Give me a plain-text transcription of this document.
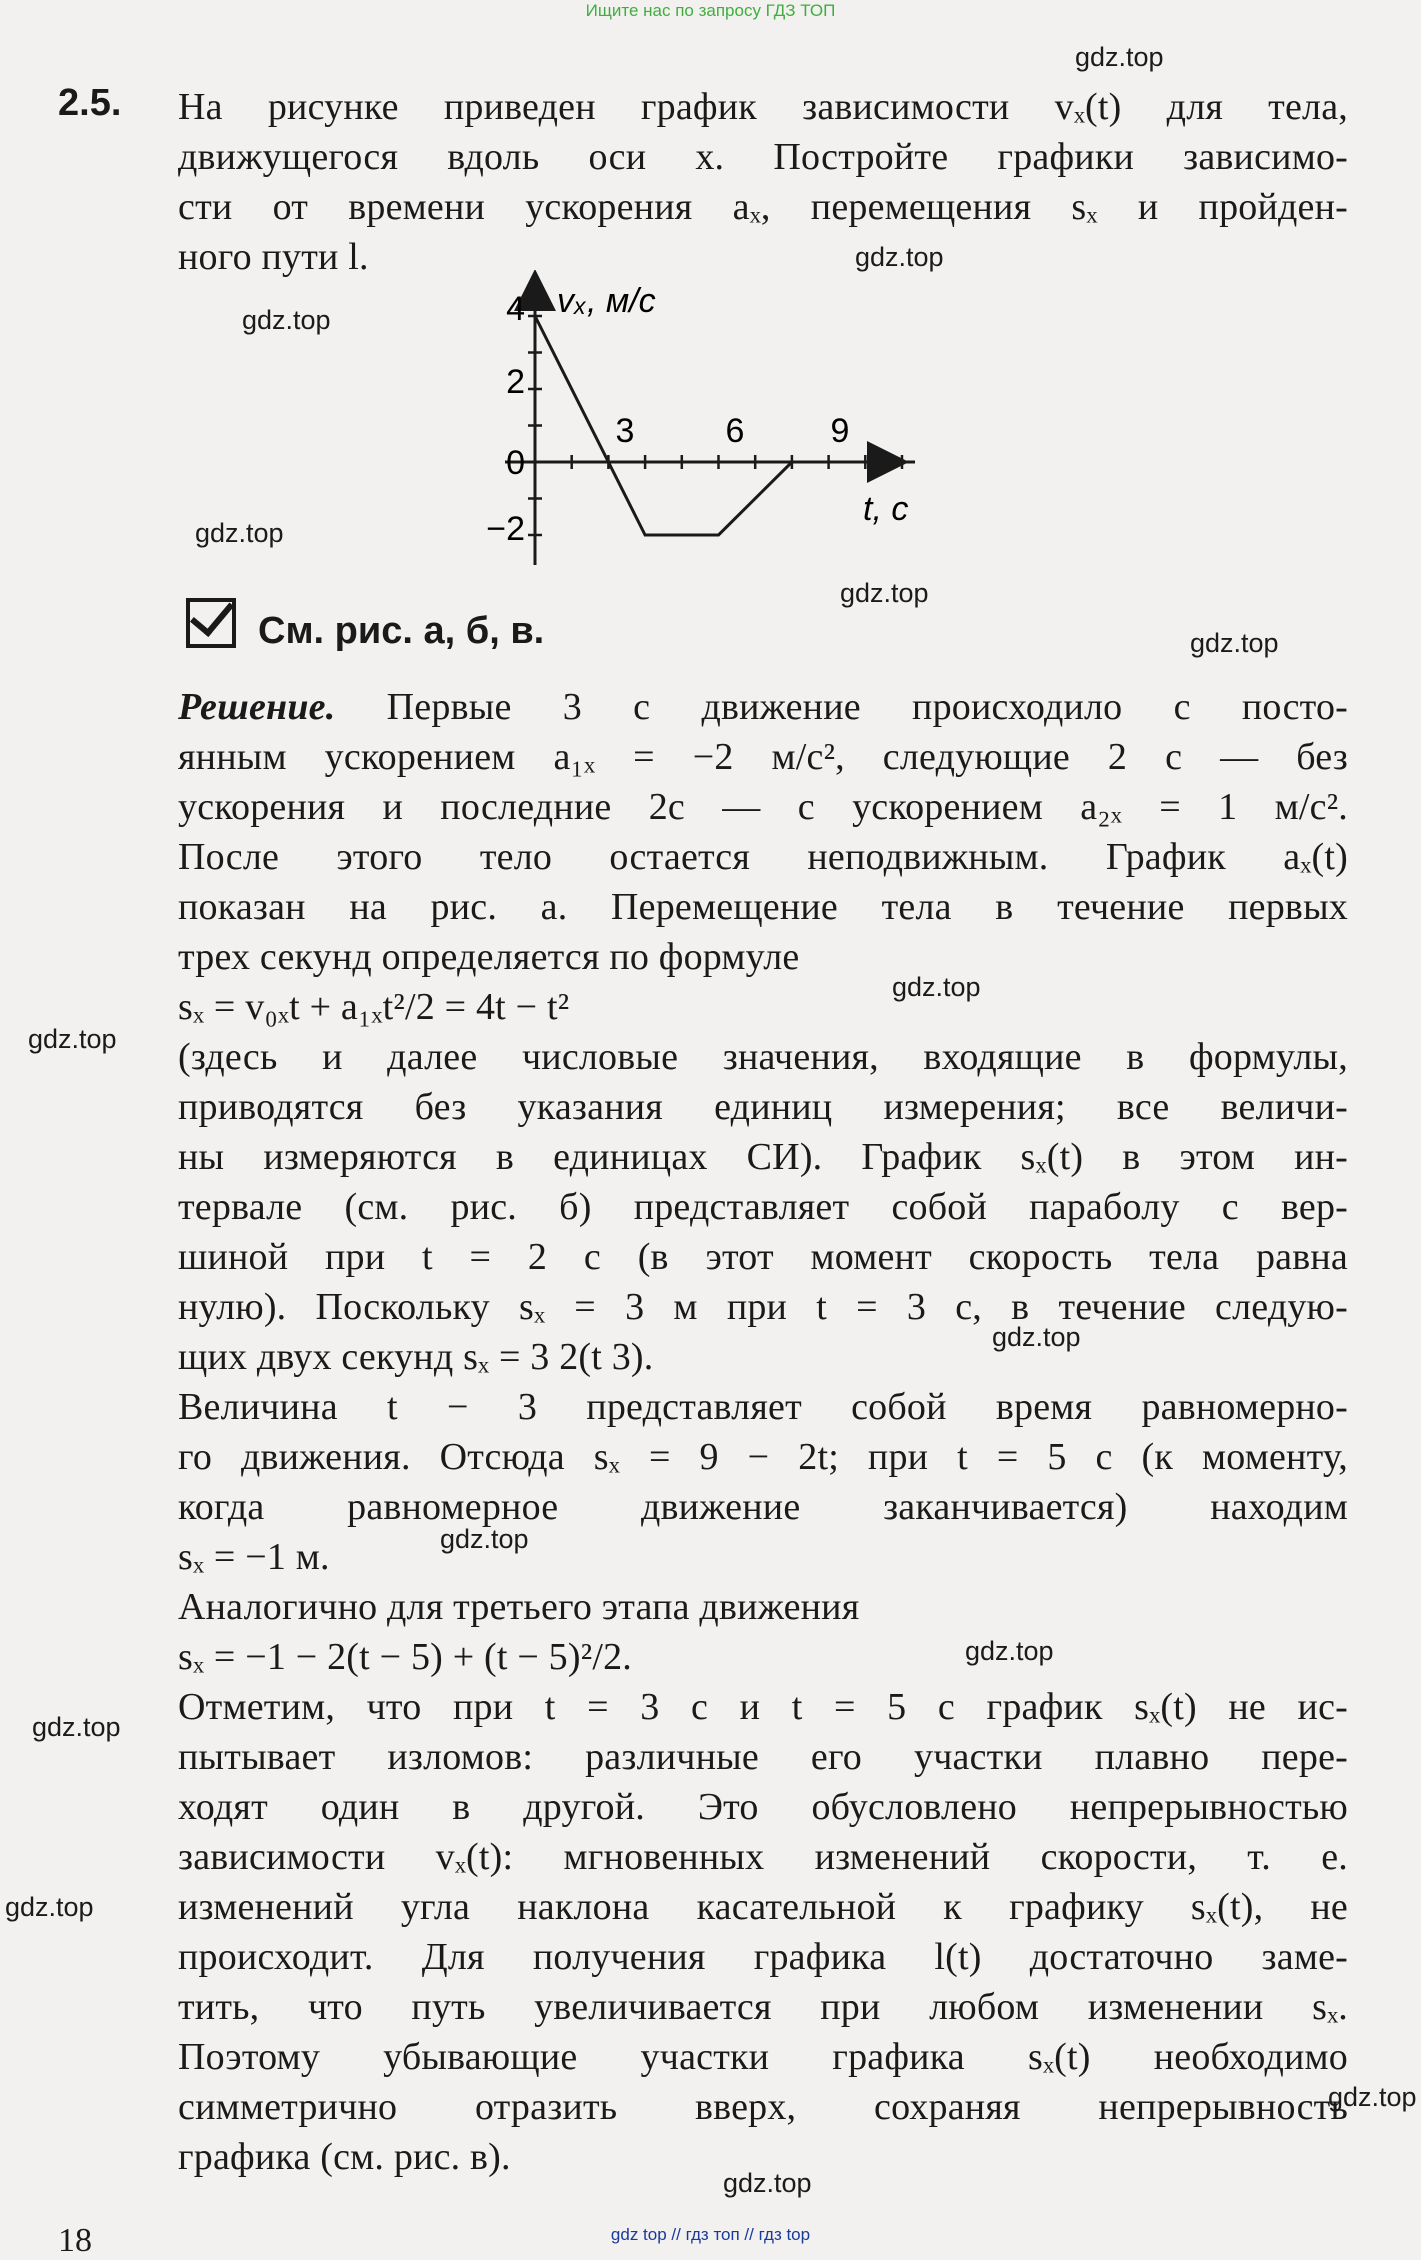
Ищите нас по запросу ГДЗ ТОП
2.5. На рисунке приведен график зависимости vₓ(t) для тела,
движущегося вдоль оси x. Постройте графики зависимо-
сти от времени ускорения aₓ, перемещения sₓ и пройден-
ного пути l.
vₓ, м/с
t, с
4
2
0
−2
3	6	9
См. рис. а, б, в.
Решение. Первые 3 с движение происходило с посто-
янным ускорением a₁ₓ = −2 м/с², следующие 2 с — без
ускорения и последние 2с — с ускорением a₂ₓ = 1 м/с².
После этого тело остается неподвижным. График aₓ(t)
показан на рис. а. Перемещение тела в течение первых
трех секунд определяется по формуле
sₓ = v₀ₓt + a₁ₓt²/2 = 4t − t²
(здесь и далее числовые значения, входящие в формулы,
приводятся без указания единиц измерения; все величи-
ны измеряются в единицах СИ). График sₓ(t) в этом ин-
тервале (см. рис. б) представляет собой параболу с вер-
шиной при t = 2 с (в этот момент скорость тела равна
нулю). Поскольку sₓ = 3 м при t = 3 с, в течение следую-
щих двух секунд sₓ = 3 2(t 3).
Величина t − 3 представляет собой время равномерно-
го движения. Отсюда sₓ = 9 − 2t; при t = 5 с (к моменту,
когда равномерное движение заканчивается) находим
sₓ = −1 м.
Аналогично для третьего этапа движения
sₓ = −1 − 2(t − 5) + (t − 5)²/2.
Отметим, что при t = 3 с и t = 5 с график sₓ(t) не ис-
пытывает изломов: различные его участки плавно пере-
ходят один в другой. Это обусловлено непрерывностью
зависимости vₓ(t): мгновенных изменений скорости, т. е.
изменений угла наклона касательной к графику sₓ(t), не
происходит. Для получения графика l(t) достаточно заме-
тить, что путь увеличивается при любом изменении sₓ.
Поэтому убывающие участки графика sₓ(t) необходимо
симметрично отразить вверх, сохраняя непрерывность
графика (см. рис. в).
gdz.top
gdz.top
gdz.top
gdz.top
gdz.top
gdz.top
gdz.top
gdz.top
gdz.top
gdz.top
gdz.top
gdz.top
gdz.top
gdz.top
gdz.top
18	gdz top // гдз топ // гдз top
